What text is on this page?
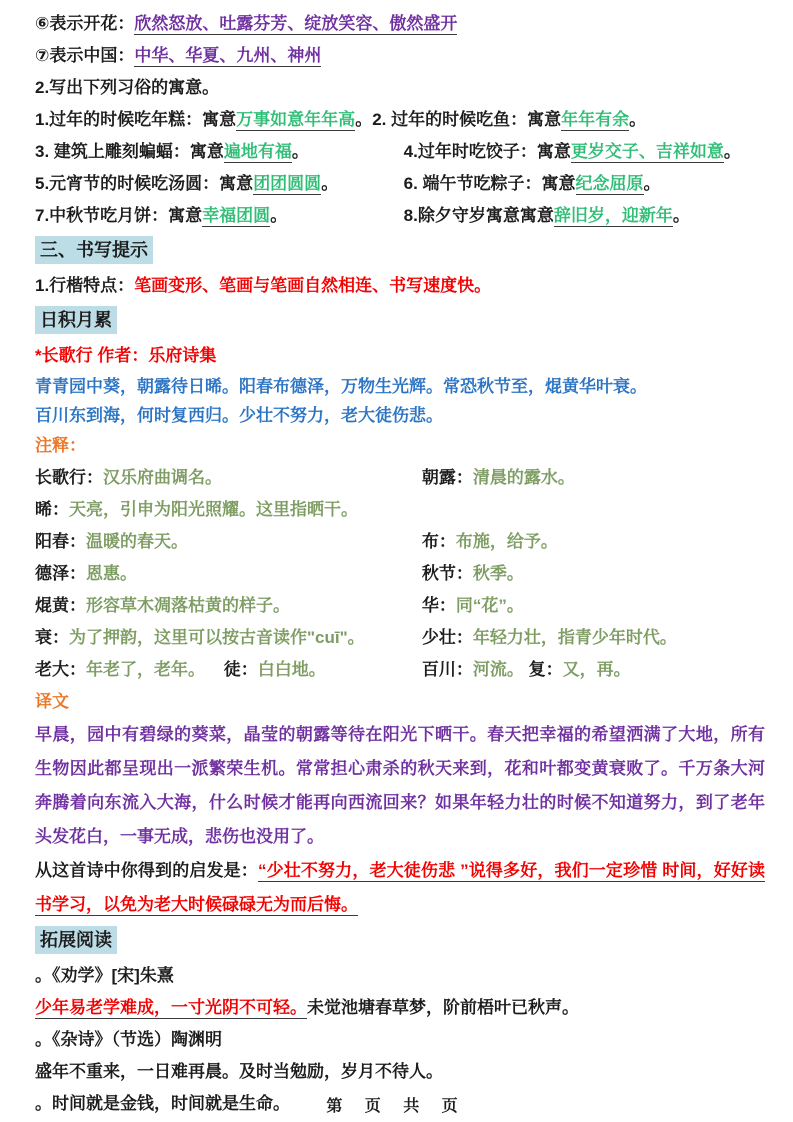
⑥表示开花：欣然怒放、吐露芬芳、绽放笑容、傲然盛开
⑦表示中国：中华、华夏、九州、神州
2.写出下列习俗的寓意。
1.过年的时候吃年糕：寓意万事如意年年高。2. 过年的时候吃鱼：寓意年年有余。
3. 建筑上雕刻蝙蝠：寓意遍地有福。	4.过年时吃饺子：寓意更岁交子、吉祥如意。
5.元宵节的时候吃汤圆：寓意团团圆圆。	6. 端午节吃粽子：寓意纪念屈原。
7.中秋节吃月饼：寓意幸福团圆。	8.除夕守岁寓意寓意辞旧岁，迎新年。
三、书写提示
1.行楷特点：笔画变形、笔画与笔画自然相连、书写速度快。
日积月累
*长歌行 作者：乐府诗集
青青园中葵，朝露待日晞。阳春布德泽，万物生光辉。常恐秋节至，焜黄华叶衰。
百川东到海，何时复西归。少壮不努力，老大徒伤悲。
注释：
长歌行：汉乐府曲调名。	朝露：清晨的露水。
晞：天亮，引申为阳光照耀。这里指晒干。
阳春：温暖的春天。	布：布施，给予。
德泽：恩惠。	秋节：秋季。
焜黄：形容草木凋落枯黄的样子。	华：同“花”。
衰：为了押韵，这里可以按古音读作"cuī"。	少壮：年轻力壮，指青少年时代。
老大：年老了，老年。 徒：白白地。	百川：河流。 复：又，再。
译文
早晨，园中有碧绿的葵菜，晶莹的朝露等待在阳光下晒干。春天把幸福的希望洒满了大地，所有生物因此都呈现出一派繁荣生机。常常担心肃杀的秋天来到，花和叶都变黄衰败了。千万条大河奔腾着向东流入大海，什么时候才能再向西流回来？如果年轻力壮的时候不知道努力，到了老年头发花白，一事无成，悲伤也没用了。
从这首诗中你得到的启发是：“少壮不努力，老大徒伤悲 ”说得多好，我们一定珍惜 时间，好好读书学习，以免为老大时候碌碌无为而后悔。
拓展阅读
。《劝学》[宋]朱熹
少年易老学难成，一寸光阴不可轻。未觉池塘春草梦，阶前梧叶已秋声。
。《杂诗》（节选）陶渊明
盛年不重来，一日难再晨。及时当勉励，岁月不待人。
。时间就是金钱，时间就是生命。	第 页 共 页
